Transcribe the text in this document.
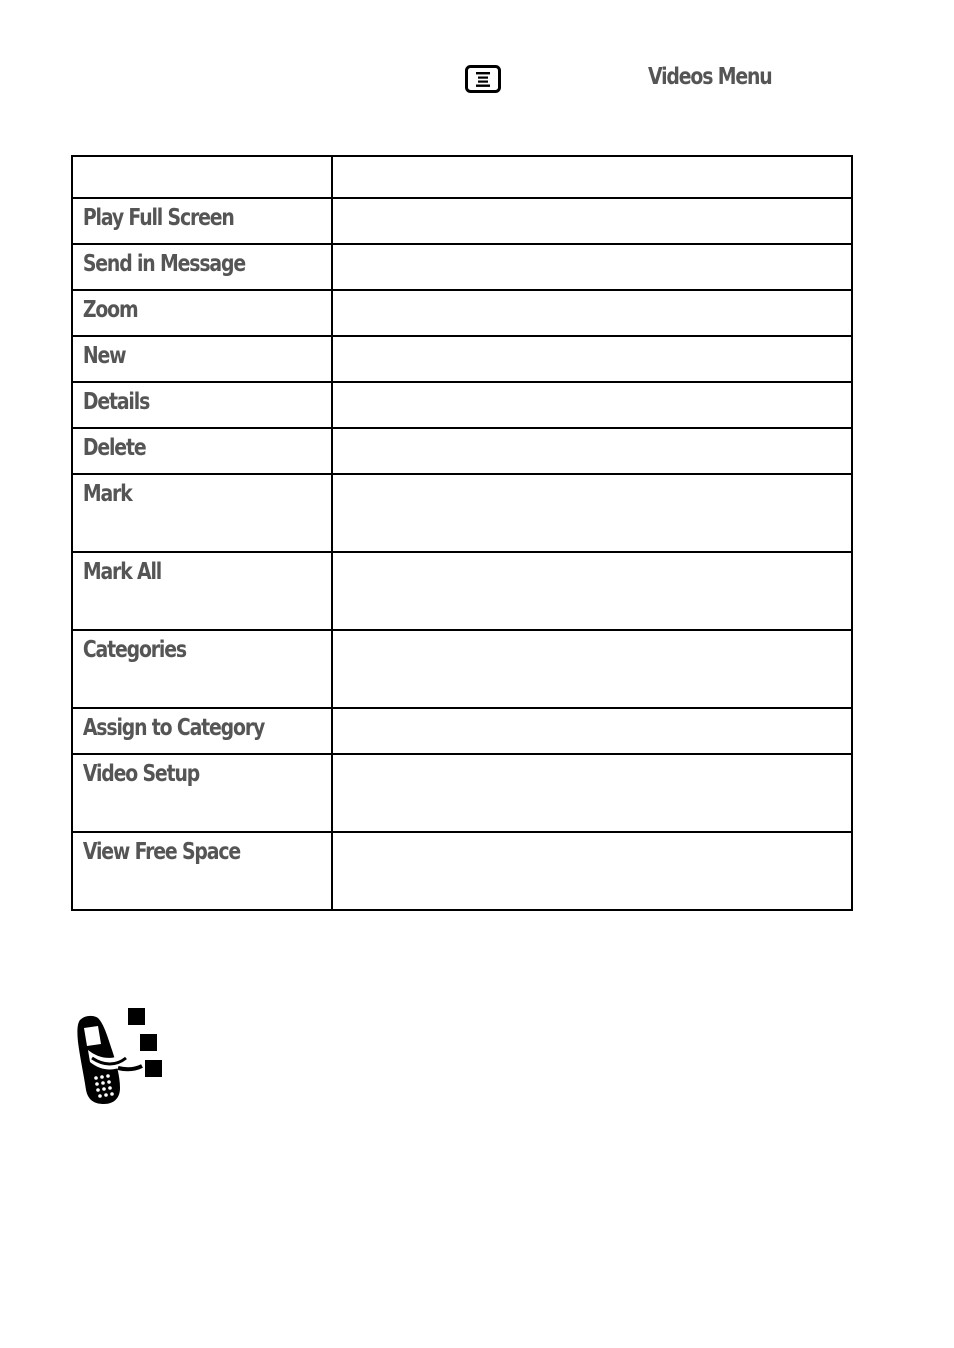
Videos Menu

Play Full Screen	

Send in Message	

Zoom	

New	

Details	

Delete	

Mark	

Mark All	

Categories	

Assign to Category	

Video Setup	

View Free Space	
